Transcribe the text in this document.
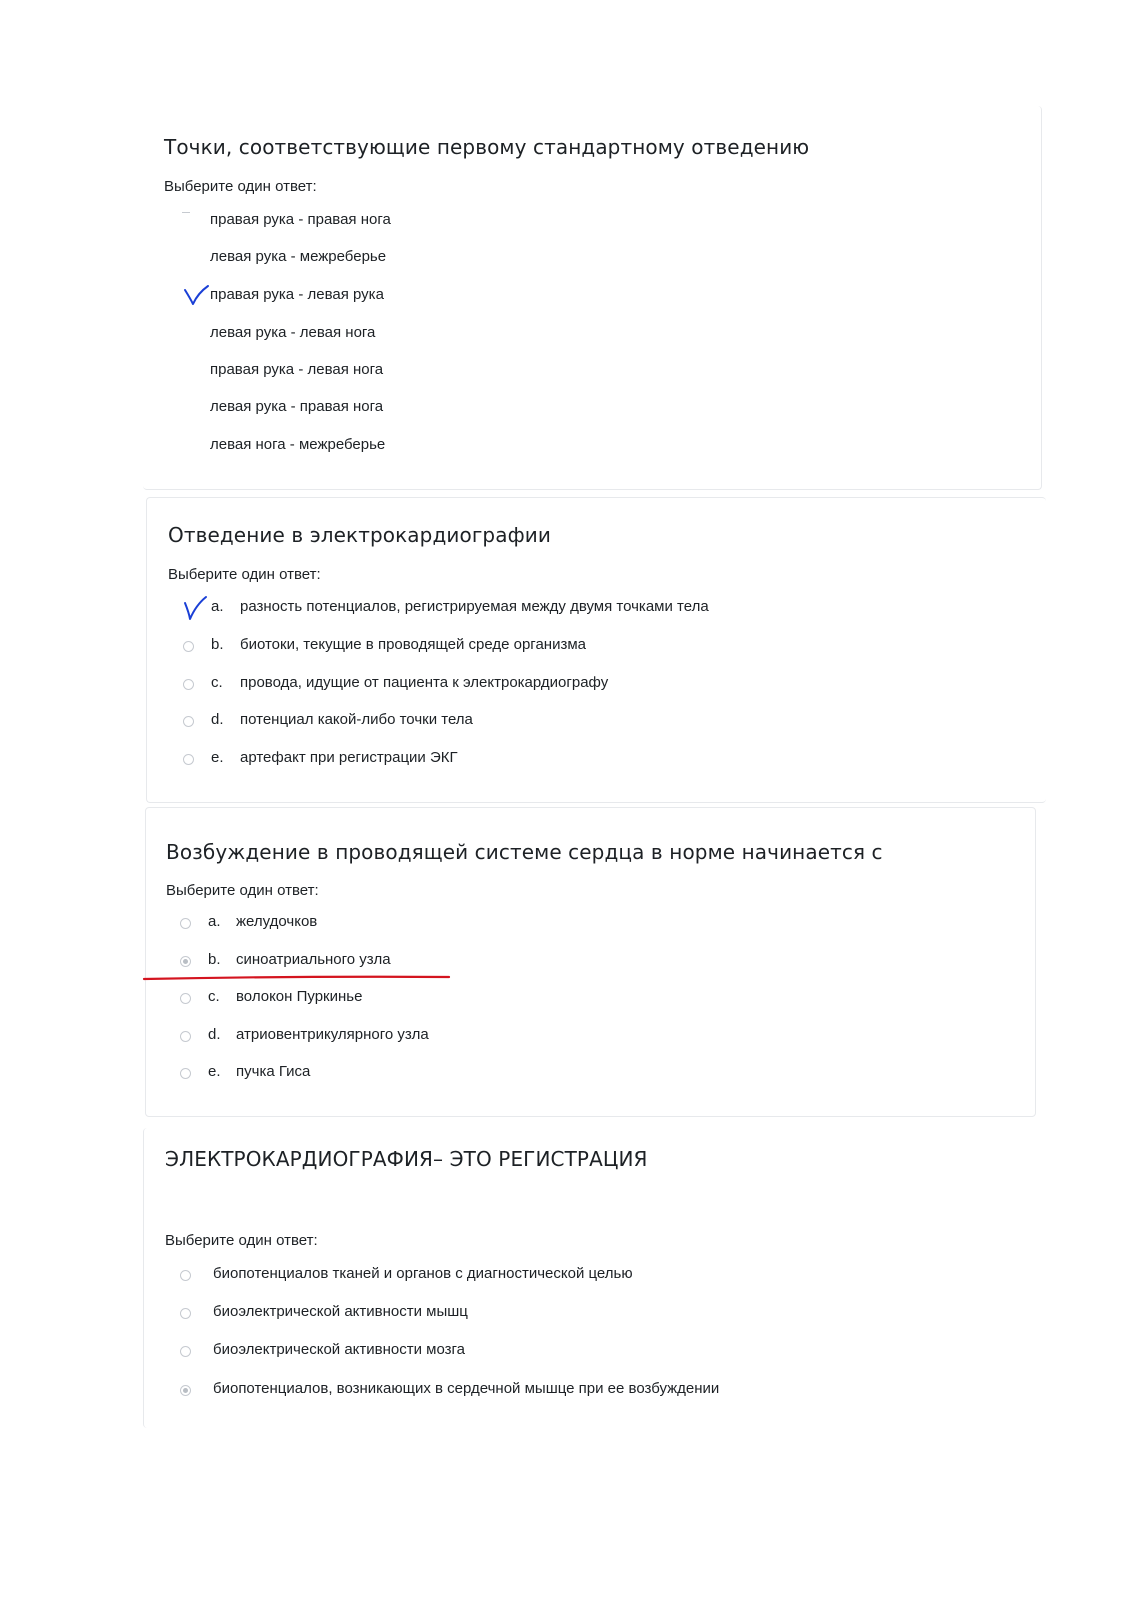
Точки, соответствующие первому стандартному отведению
Выберите один ответ:
правая рука - правая нога
левая рука - межреберье
правая рука - левая рука
левая рука - левая нога
правая рука - левая нога
левая рука - правая нога
левая нога - межреберье
Отведение в электрокардиографии
Выберите один ответ:
a. разность потенциалов, регистрируемая между двумя точками тела
b. биотоки, текущие в проводящей среде организма
c. провода, идущие от пациента к электрокардиографу
d. потенциал какой-либо точки тела
e. артефакт при регистрации ЭКГ
Возбуждение в проводящей системе сердца в норме начинается с
Выберите один ответ:
a. желудочков
b. синоатриального узла
c. волокон Пуркинье
d. атриовентрикулярного узла
e. пучка Гиса
ЭЛЕКТРОКАРДИОГРАФИЯ– ЭТО РЕГИСТРАЦИЯ
Выберите один ответ:
биопотенциалов тканей и органов с диагностической целью
биоэлектрической активности мышц
биоэлектрической активности мозга
биопотенциалов, возникающих в сердечной мышце при ее возбуждении
